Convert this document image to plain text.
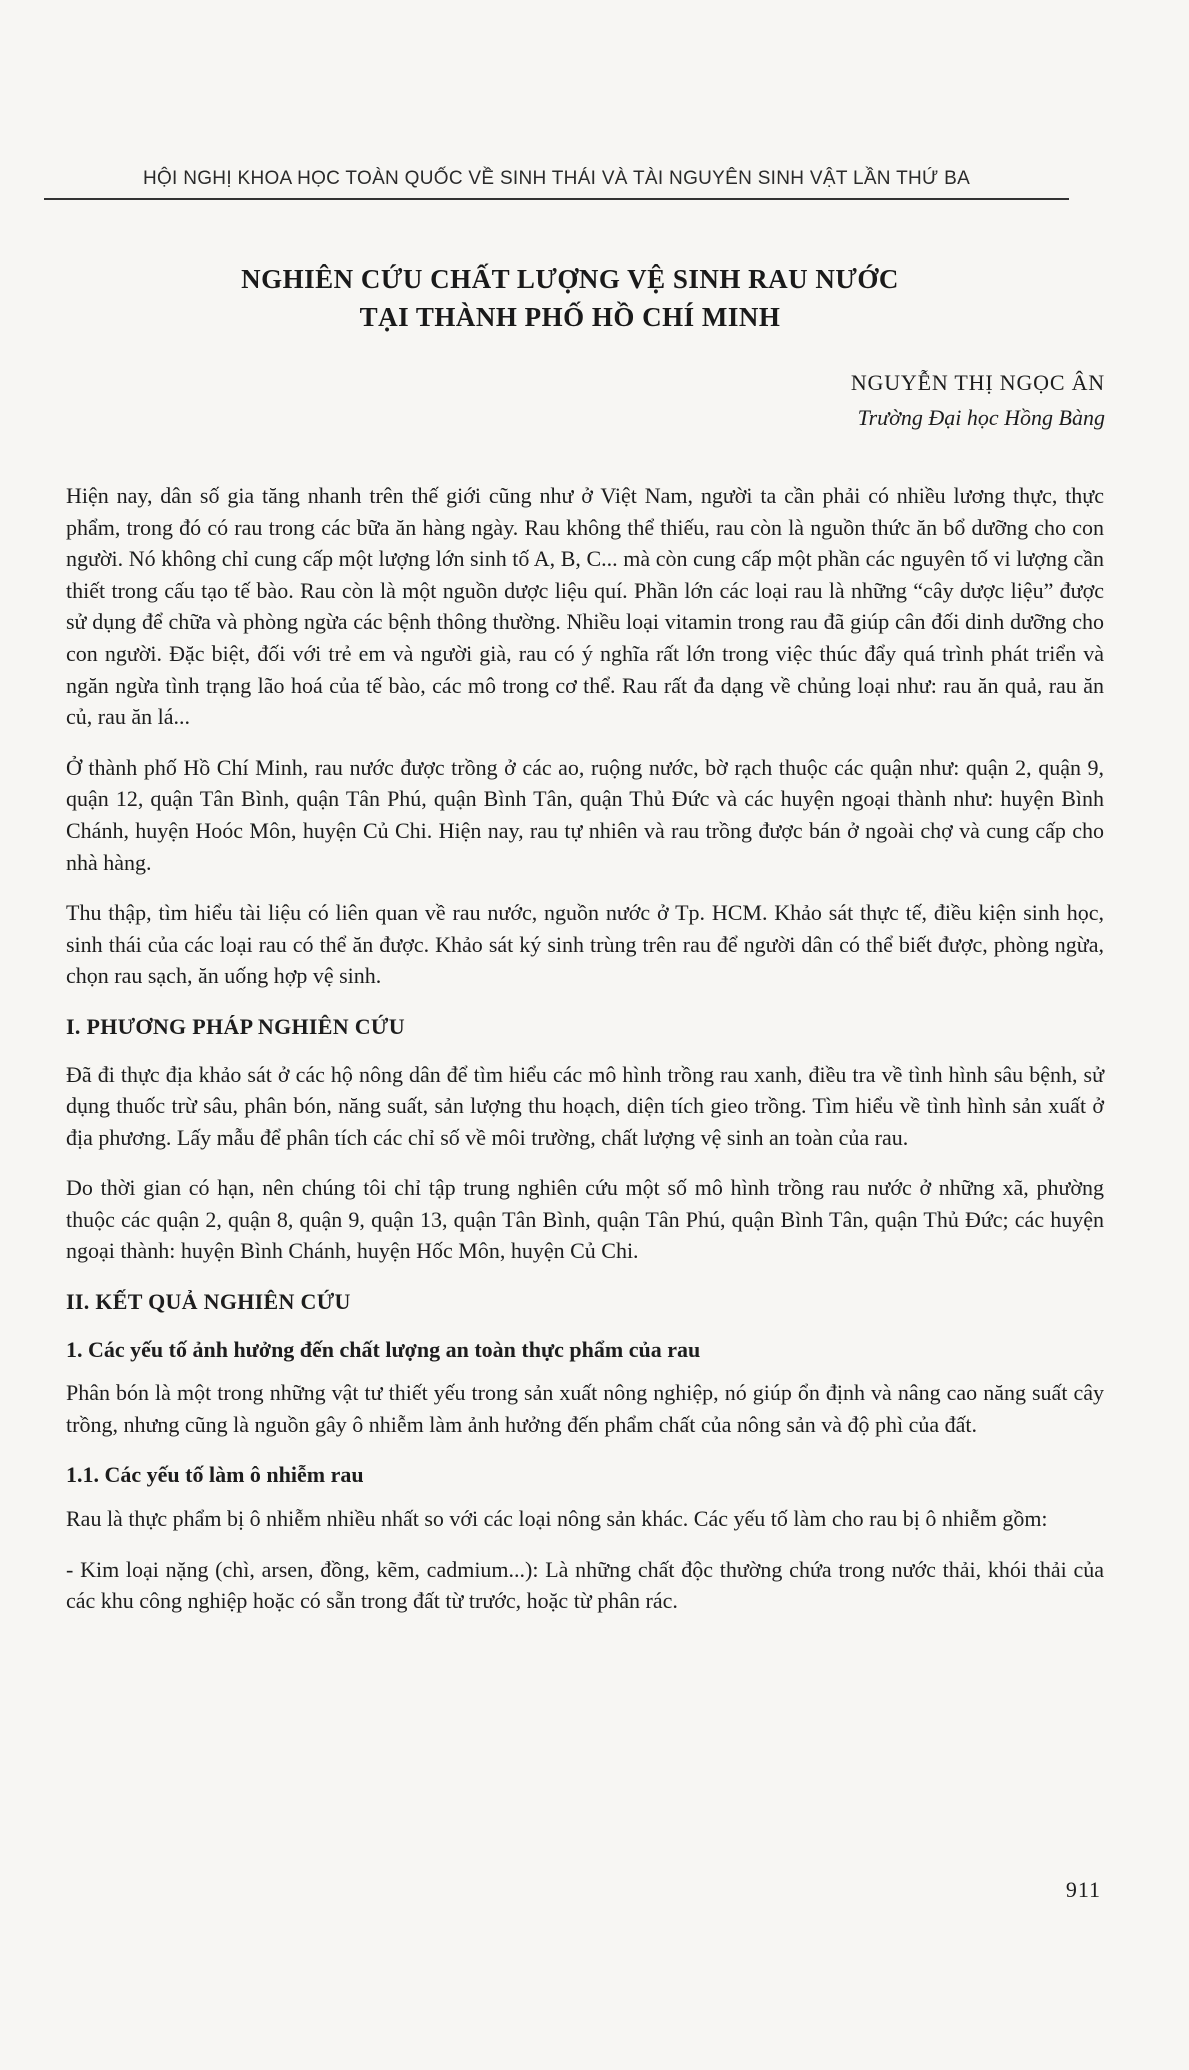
HỘI NGHỊ KHOA HỌC TOÀN QUỐC VỀ SINH THÁI VÀ TÀI NGUYÊN SINH VẬT LẦN THỨ BA
NGHIÊN CỨU CHẤT LƯỢNG VỆ SINH RAU NƯỚC
TẠI THÀNH PHỐ HỒ CHÍ MINH
NGUYỄN THỊ NGỌC ÂN
Trường Đại học Hồng Bàng

Hiện nay, dân số gia tăng nhanh trên thế giới cũng như ở Việt Nam, người ta cần phải có nhiều lương thực, thực phẩm, trong đó có rau trong các bữa ăn hàng ngày. Rau không thể thiếu, rau còn là nguồn thức ăn bổ dưỡng cho con người. Nó không chỉ cung cấp một lượng lớn sinh tố A, B, C... mà còn cung cấp một phần các nguyên tố vi lượng cần thiết trong cấu tạo tế bào. Rau còn là một nguồn dược liệu quí. Phần lớn các loại rau là những “cây dược liệu” được sử dụng để chữa và phòng ngừa các bệnh thông thường. Nhiều loại vitamin trong rau đã giúp cân đối dinh dưỡng cho con người. Đặc biệt, đối với trẻ em và người già, rau có ý nghĩa rất lớn trong việc thúc đẩy quá trình phát triển và ngăn ngừa tình trạng lão hoá của tế bào, các mô trong cơ thể. Rau rất đa dạng về chủng loại như: rau ăn quả, rau ăn củ, rau ăn lá...

Ở thành phố Hồ Chí Minh, rau nước được trồng ở các ao, ruộng nước, bờ rạch thuộc các quận như: quận 2, quận 9, quận 12, quận Tân Bình, quận Tân Phú, quận Bình Tân, quận Thủ Đức và các huyện ngoại thành như: huyện Bình Chánh, huyện Hoóc Môn, huyện Củ Chi. Hiện nay, rau tự nhiên và rau trồng được bán ở ngoài chợ và cung cấp cho nhà hàng.

Thu thập, tìm hiểu tài liệu có liên quan về rau nước, nguồn nước ở Tp. HCM. Khảo sát thực tế, điều kiện sinh học, sinh thái của các loại rau có thể ăn được. Khảo sát ký sinh trùng trên rau để người dân có thể biết được, phòng ngừa, chọn rau sạch, ăn uống hợp vệ sinh.

I. PHƯƠNG PHÁP NGHIÊN CỨU

Đã đi thực địa khảo sát ở các hộ nông dân để tìm hiểu các mô hình trồng rau xanh, điều tra về tình hình sâu bệnh, sử dụng thuốc trừ sâu, phân bón, năng suất, sản lượng thu hoạch, diện tích gieo trồng. Tìm hiểu về tình hình sản xuất ở địa phương. Lấy mẫu để phân tích các chỉ số về môi trường, chất lượng vệ sinh an toàn của rau.

Do thời gian có hạn, nên chúng tôi chỉ tập trung nghiên cứu một số mô hình trồng rau nước ở những xã, phường thuộc các quận 2, quận 8, quận 9, quận 13, quận Tân Bình, quận Tân Phú, quận Bình Tân, quận Thủ Đức; các huyện ngoại thành: huyện Bình Chánh, huyện Hốc Môn, huyện Củ Chi.

II. KẾT QUẢ NGHIÊN CỨU
1. Các yếu tố ảnh hưởng đến chất lượng an toàn thực phẩm của rau

Phân bón là một trong những vật tư thiết yếu trong sản xuất nông nghiệp, nó giúp ổn định và nâng cao năng suất cây trồng, nhưng cũng là nguồn gây ô nhiễm làm ảnh hưởng đến phẩm chất của nông sản và độ phì của đất.

1.1. Các yếu tố làm ô nhiễm rau

Rau là thực phẩm bị ô nhiễm nhiều nhất so với các loại nông sản khác. Các yếu tố làm cho rau bị ô nhiễm gồm:

- Kim loại nặng (chì, arsen, đồng, kẽm, cadmium...): Là những chất độc thường chứa trong nước thải, khói thải của các khu công nghiệp hoặc có sẵn trong đất từ trước, hoặc từ phân rác.

911
